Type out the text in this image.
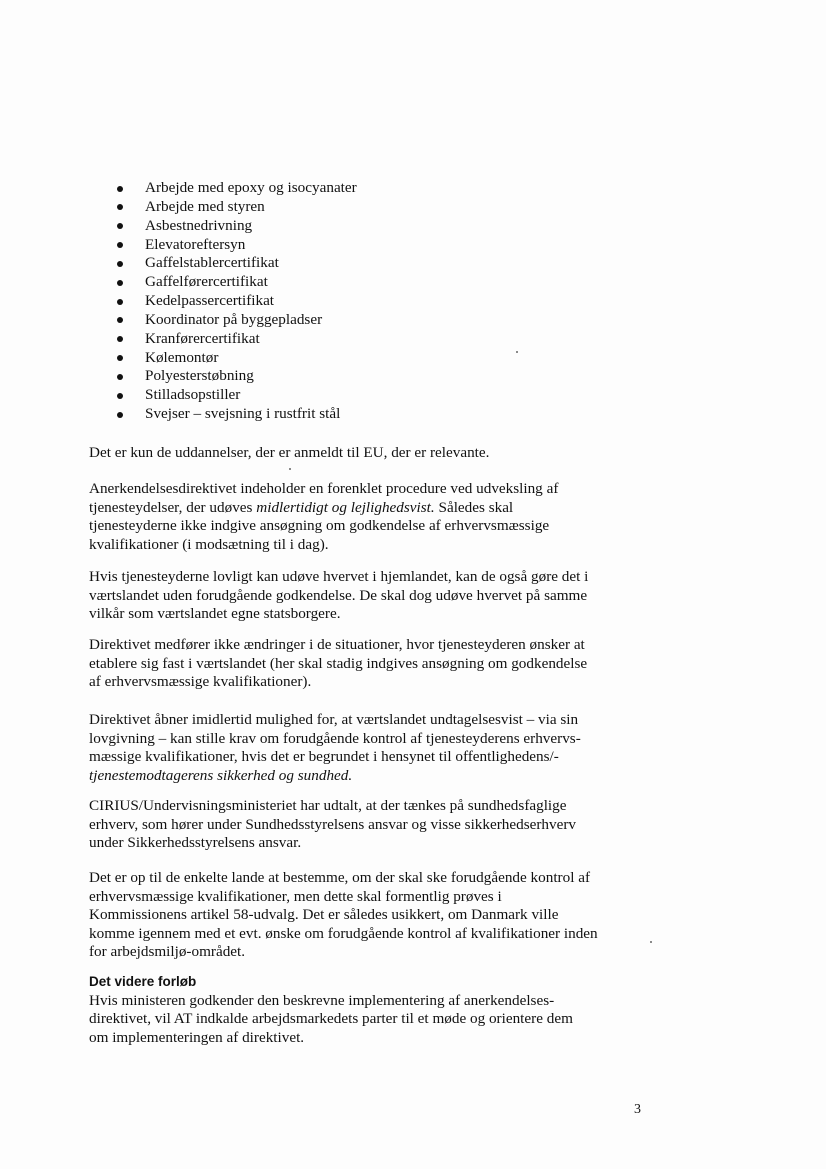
Arbejde med epoxy og isocyanater
Arbejde med styren
Asbestnedrivning
Elevatoreftersyn
Gaffelstablercertifikat
Gaffelførercertifikat
Kedelpassercertifikat
Koordinator på byggepladser
Kranførercertifikat
Kølemontør
Polyesterstøbning
Stilladsopstiller
Svejser – svejsning i rustfrit stål

Det er kun de uddannelser, der er anmeldt til EU, der er relevante.

Anerkendelsesdirektivet indeholder en forenklet procedure ved udveksling af
tjenesteydelser, der udøves midlertidigt og lejlighedsvist. Således skal
tjenesteyderne ikke indgive ansøgning om godkendelse af erhvervsmæssige
kvalifikationer (i modsætning til i dag).

Hvis tjenesteyderne lovligt kan udøve hvervet i hjemlandet, kan de også gøre det i
værtslandet uden forudgående godkendelse. De skal dog udøve hvervet på samme
vilkår som værtslandet egne statsborgere.

Direktivet medfører ikke ændringer i de situationer, hvor tjenesteyderen ønsker at
etablere sig fast i værtslandet (her skal stadig indgives ansøgning om godkendelse
af erhvervsmæssige kvalifikationer).

Direktivet åbner imidlertid mulighed for, at værtslandet undtagelsesvist – via sin
lovgivning – kan stille krav om forudgående kontrol af tjenesteyderens erhvervs-
mæssige kvalifikationer, hvis det er begrundet i hensynet til offentlighedens/-
tjenestemodtagerens sikkerhed og sundhed.

CIRIUS/Undervisningsministeriet har udtalt, at der tænkes på sundhedsfaglige
erhverv, som hører under Sundhedsstyrelsens ansvar og visse sikkerhedserhverv
under Sikkerhedsstyrelsens ansvar.

Det er op til de enkelte lande at bestemme, om der skal ske forudgående kontrol af
erhvervsmæssige kvalifikationer, men dette skal formentlig prøves i
Kommissionens artikel 58-udvalg. Det er således usikkert, om Danmark ville
komme igennem med et evt. ønske om forudgående kontrol af kvalifikationer inden
for arbejdsmiljø-området.

Det videre forløb
Hvis ministeren godkender den beskrevne implementering af anerkendelses-
direktivet, vil AT indkalde arbejdsmarkedets parter til et møde og orientere dem
om implementeringen af direktivet.
3
